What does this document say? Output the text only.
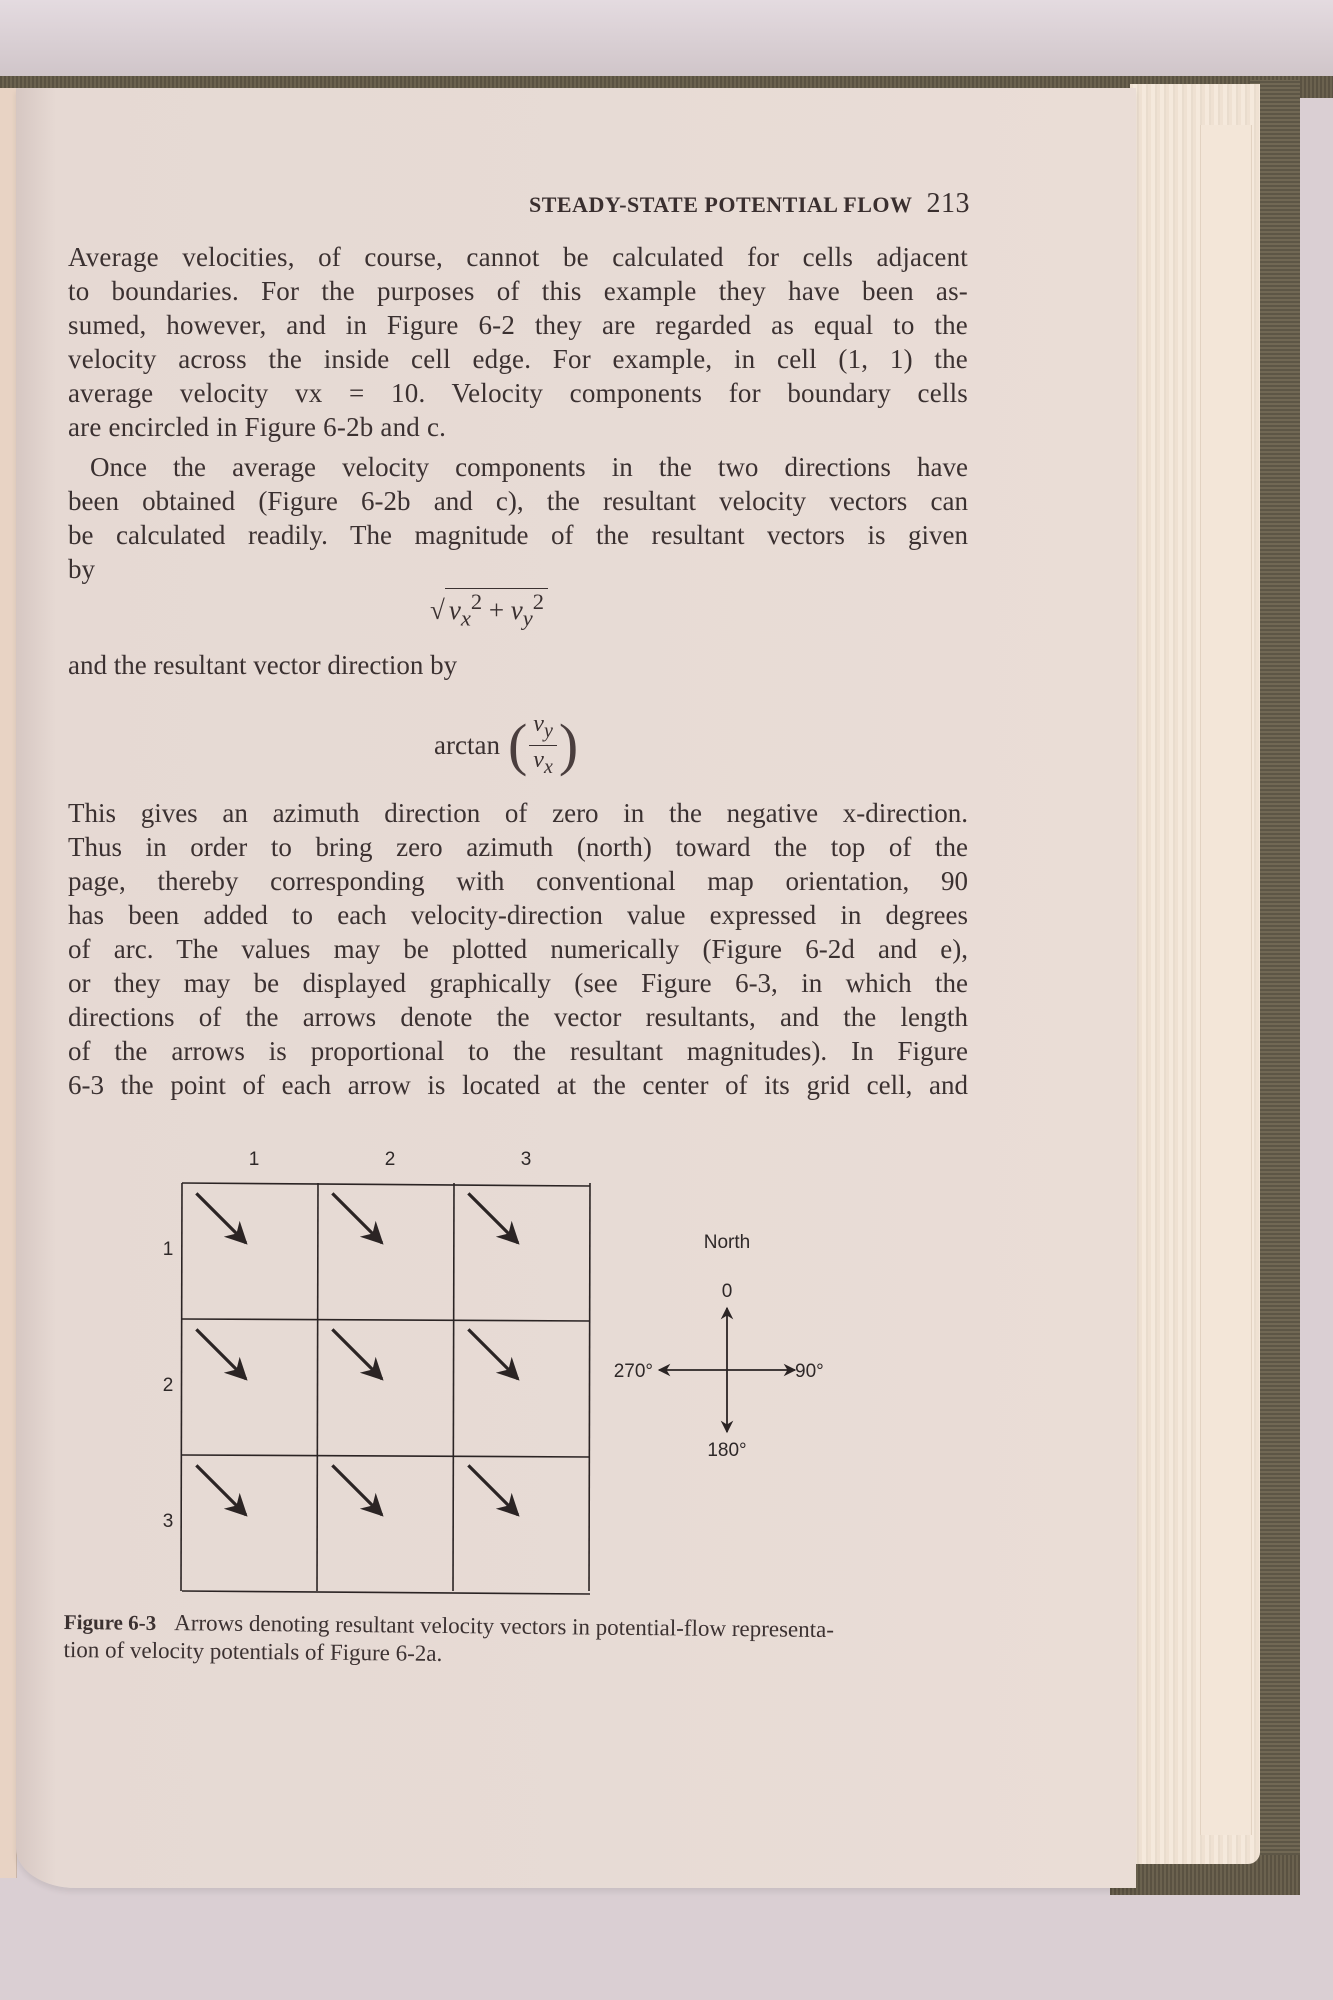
STEADY-STATE POTENTIAL FLOW 213

Average velocities, of course, cannot be calculated for cells adjacent

to boundaries. For the purposes of this example they have been as-

sumed, however, and in Figure 6-2 they are regarded as equal to the

velocity across the inside cell edge. For example, in cell (1, 1) the

average velocity vx = 10. Velocity components for boundary cells

are encircled in Figure 6-2b and c.

Once the average velocity components in the two directions have

been obtained (Figure 6-2b and c), the resultant velocity vectors can

be calculated readily. The magnitude of the resultant vectors is given

by

√ $v_x^2 + v_y^2$

and the resultant vector direction by

arctan ( $\frac{v_y}{v_x}$ )

This gives an azimuth direction of zero in the negative x-direction.

Thus in order to bring zero azimuth (north) toward the top of the

page, thereby corresponding with conventional map orientation, 90

has been added to each velocity-direction value expressed in degrees

of arc. The values may be plotted numerically (Figure 6-2d and e),

or they may be displayed graphically (see Figure 6-3, in which the

directions of the arrows denote the vector resultants, and the length

of the arrows is proportional to the resultant magnitudes). In Figure

6-3 the point of each arrow is located at the center of its grid cell, and

1	2	3
1
2
3
North
0
180°
270°	90°
Figure 6-3 Arrows denoting resultant velocity vectors in potential-flow representa-
tion of velocity potentials of Figure 6-2a.
